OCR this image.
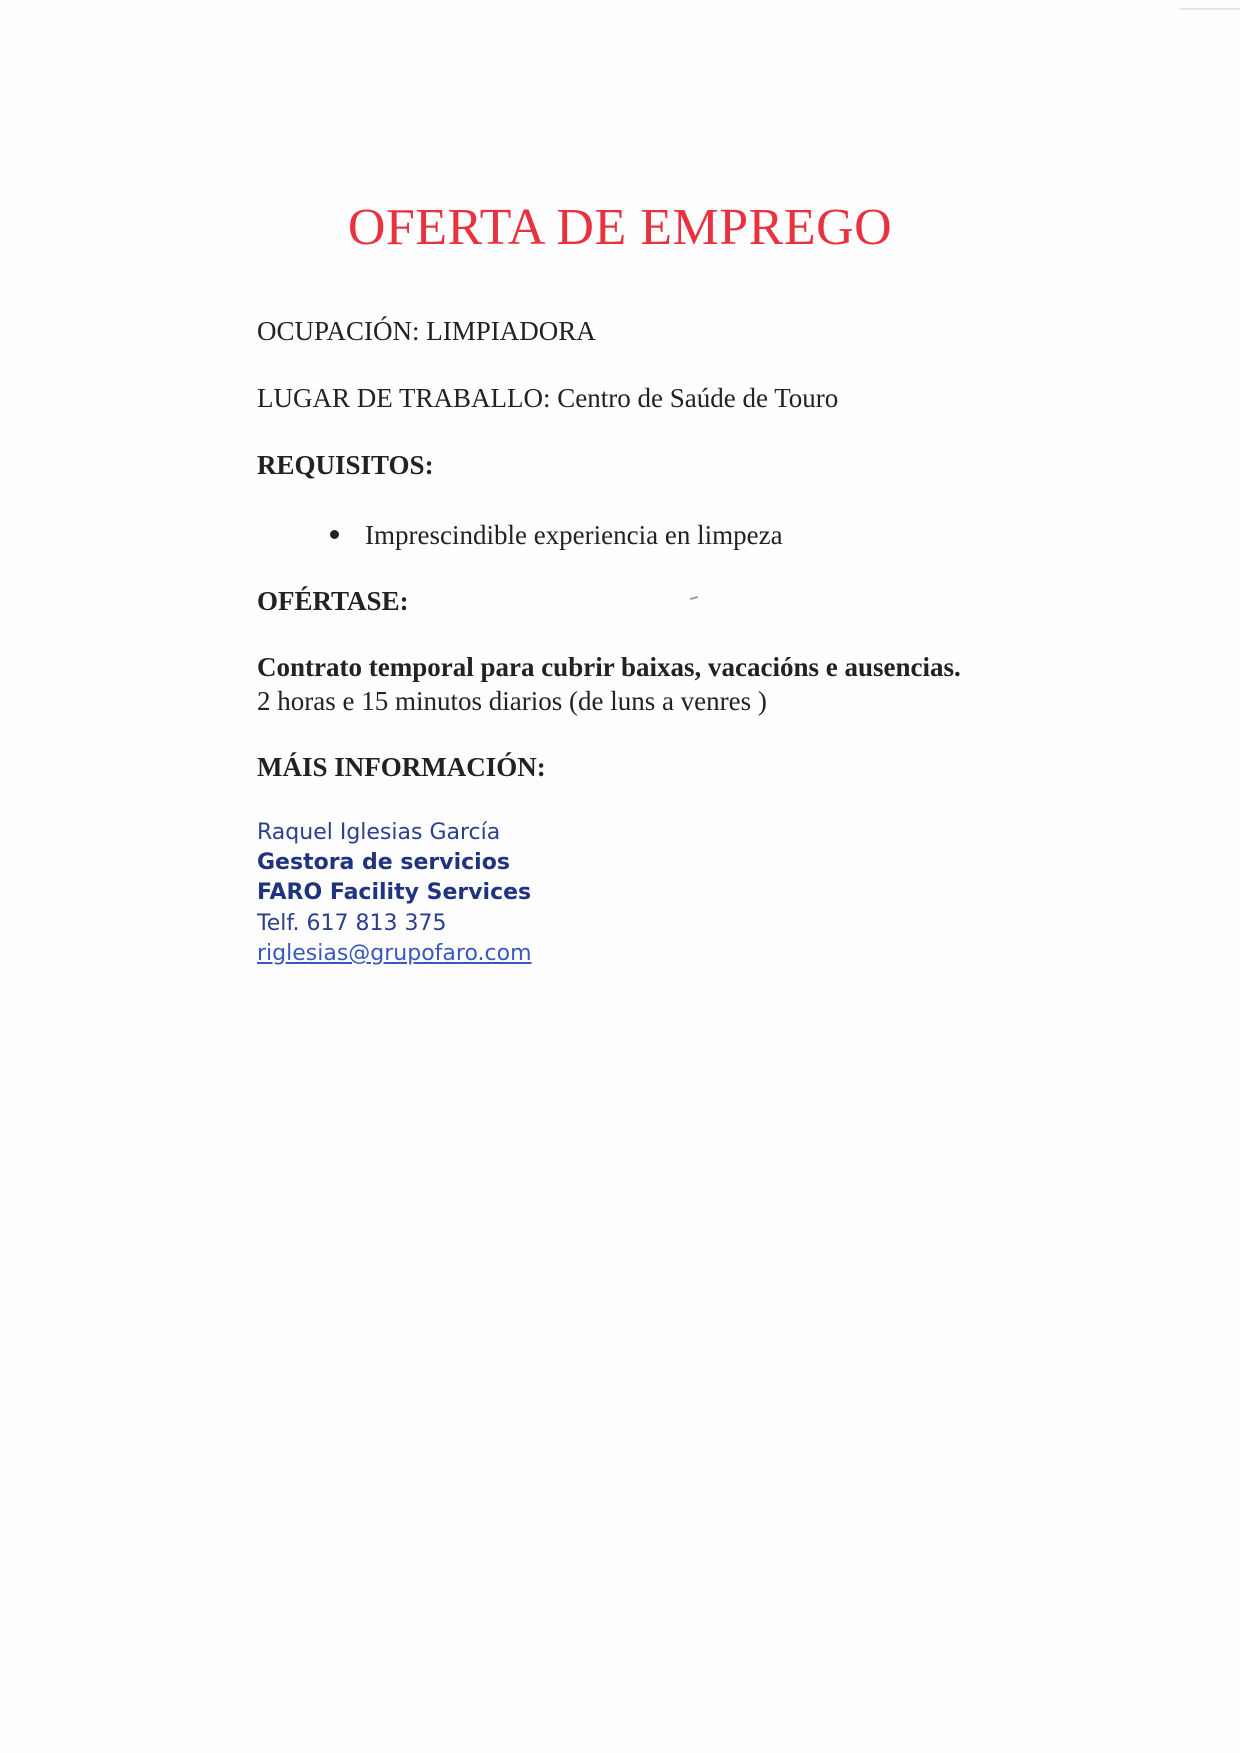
OFERTA DE EMPREGO

OCUPACIÓN: LIMPIADORA

LUGAR DE TRABALLO: Centro de Saúde de Touro

REQUISITOS:

Imprescindible experiencia en limpeza

OFÉRTASE:

Contrato temporal para cubrir baixas, vacacións e ausencias.

2 horas e 15 minutos diarios (de luns a venres )

MÁIS INFORMACIÓN:

Raquel Iglesias García

Gestora de servicios

FARO Facility Services

Telf. 617 813 375

riglesias@grupofaro.com
